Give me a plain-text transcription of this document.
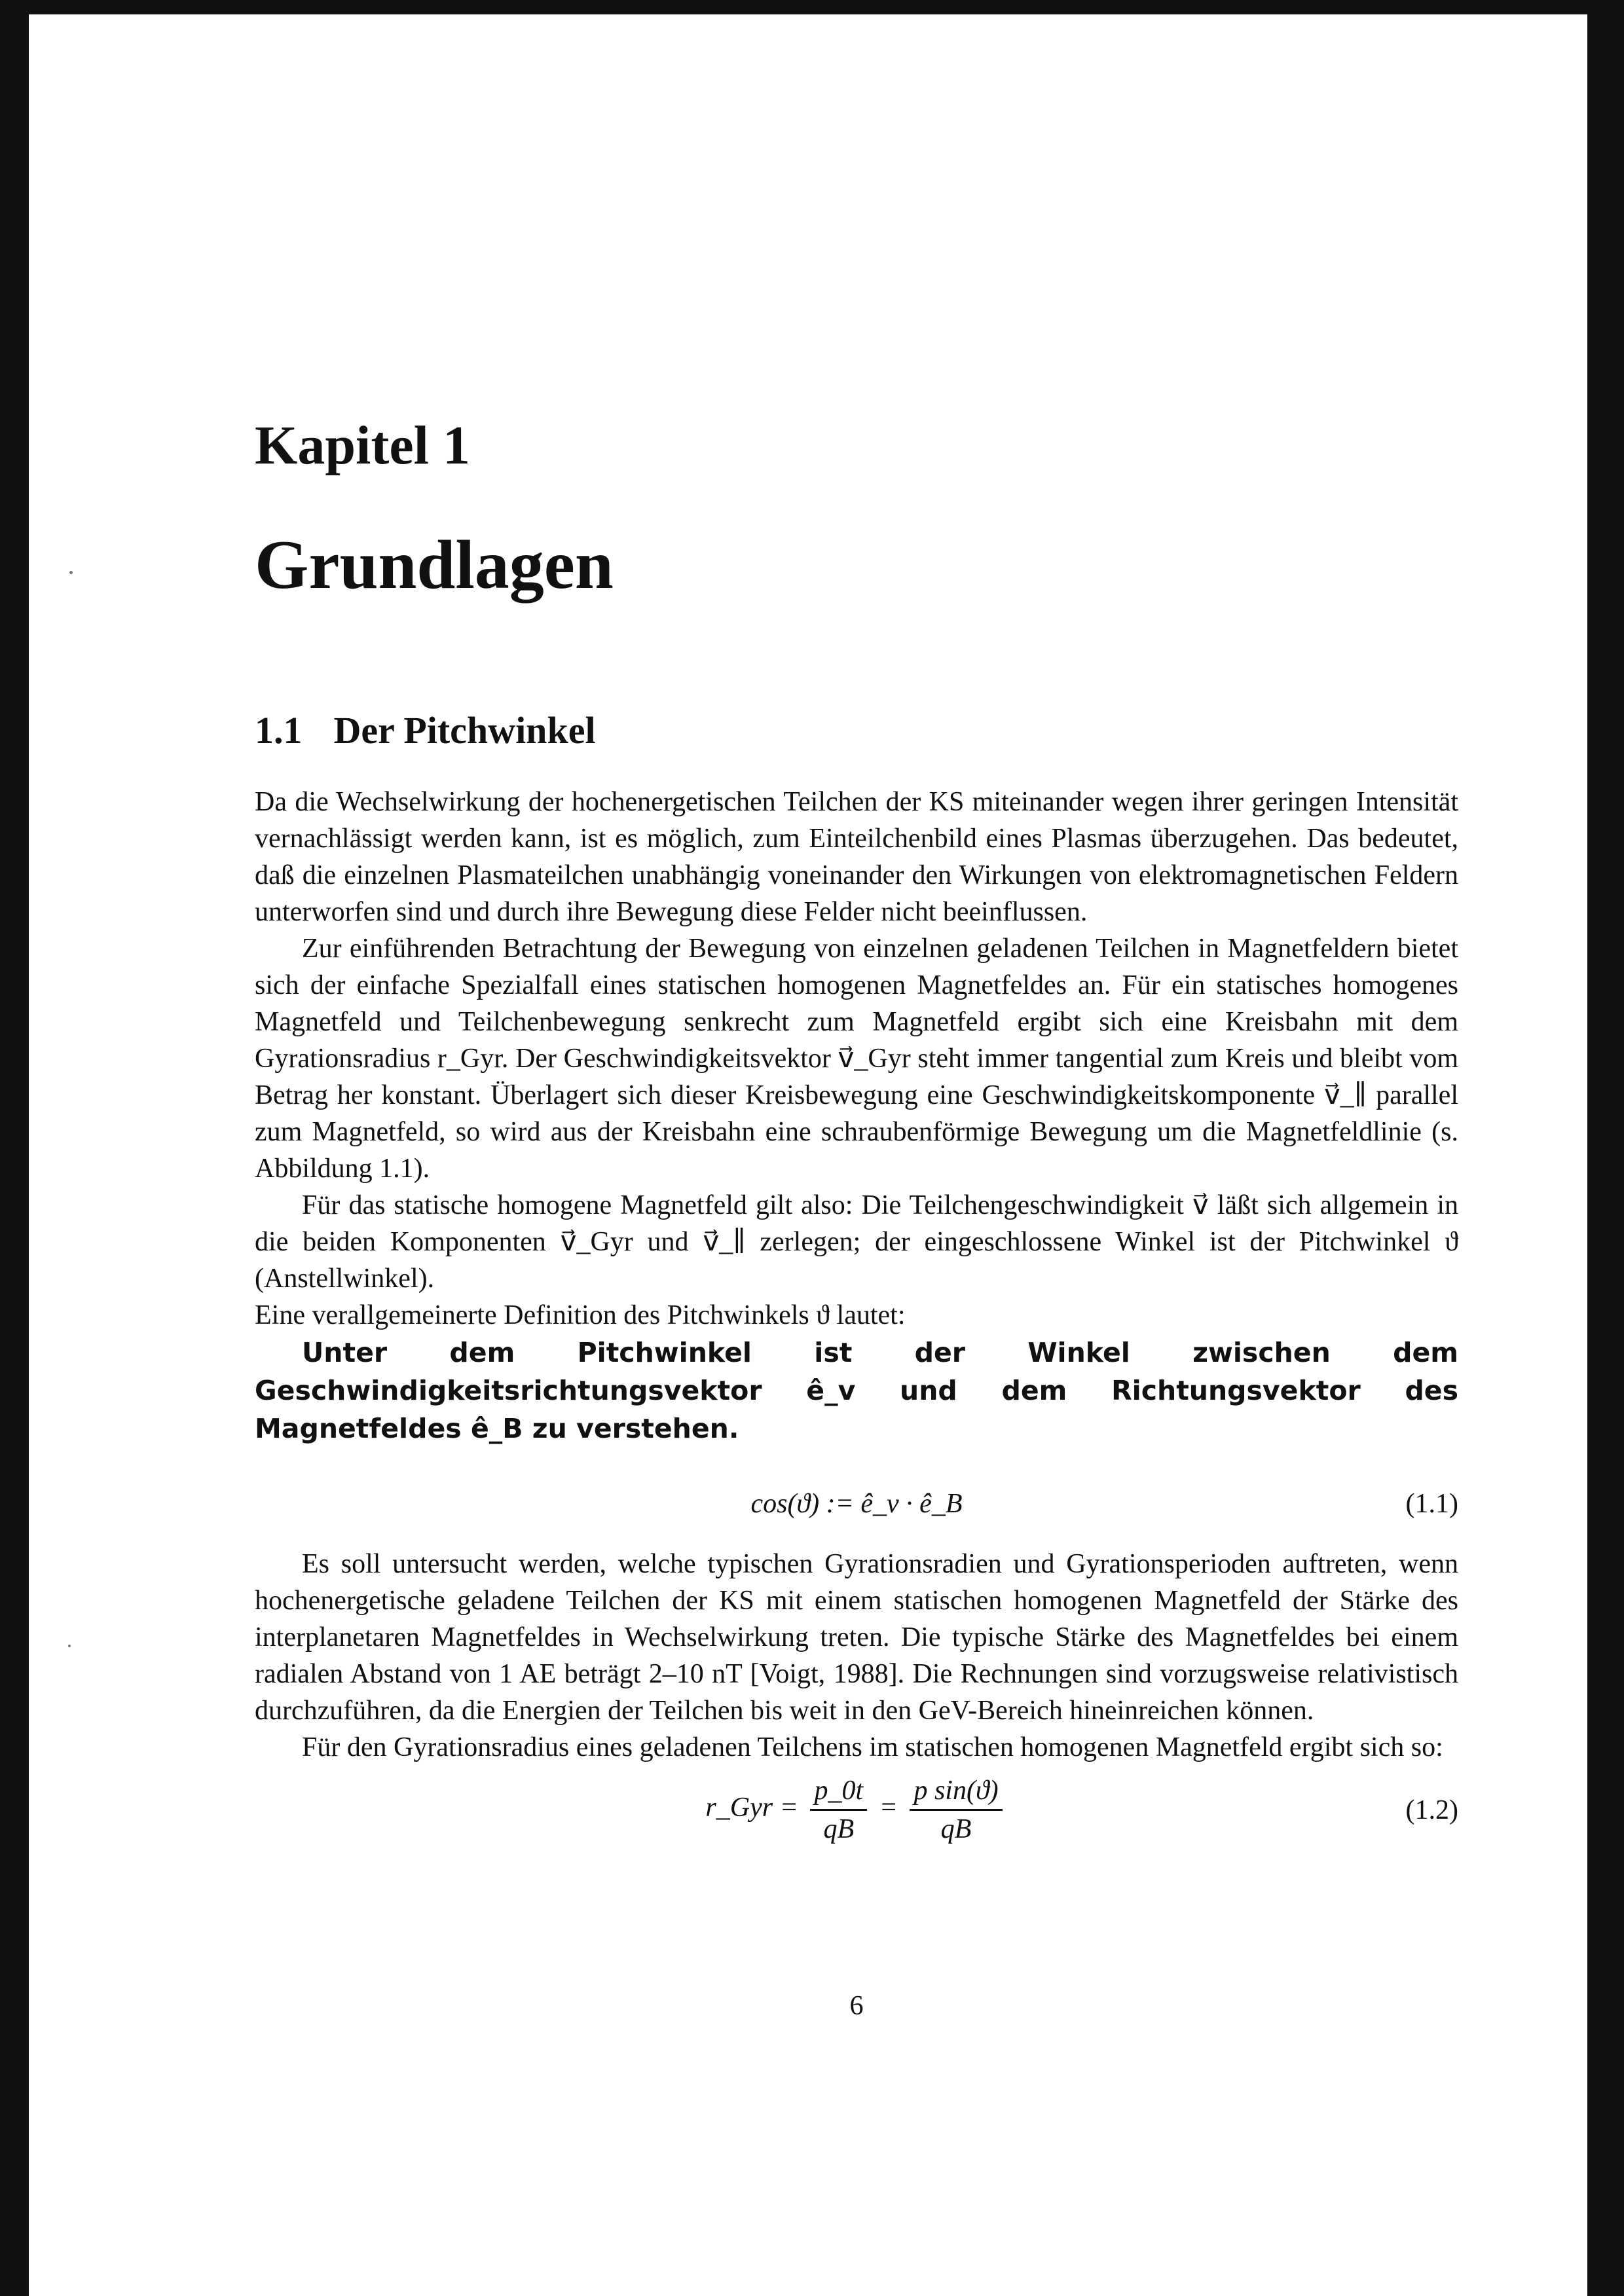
Kapitel 1
Grundlagen
1.1 Der Pitchwinkel

Da die Wechselwirkung der hochenergetischen Teilchen der KS miteinander wegen ihrer geringen Intensität vernachlässigt werden kann, ist es möglich, zum Einteilchenbild eines Plasmas überzugehen. Das bedeutet, daß die einzelnen Plasmateilchen unabhängig voneinander den Wirkungen von elektromagnetischen Feldern unterworfen sind und durch ihre Bewegung diese Felder nicht beeinflussen.

Zur einführenden Betrachtung der Bewegung von einzelnen geladenen Teilchen in Magnetfeldern bietet sich der einfache Spezialfall eines statischen homogenen Magnetfeldes an. Für ein statisches homogenes Magnetfeld und Teilchenbewegung senkrecht zum Magnetfeld ergibt sich eine Kreisbahn mit dem Gyrationsradius r_Gyr. Der Geschwindigkeitsvektor v⃗_Gyr steht immer tangential zum Kreis und bleibt vom Betrag her konstant. Überlagert sich dieser Kreisbewegung eine Geschwindigkeitskomponente v⃗_∥ parallel zum Magnetfeld, so wird aus der Kreisbahn eine schraubenförmige Bewegung um die Magnetfeldlinie (s. Abbildung 1.1).

Für das statische homogene Magnetfeld gilt also: Die Teilchengeschwindigkeit v⃗ läßt sich allgemein in die beiden Komponenten v⃗_Gyr und v⃗_∥ zerlegen; der eingeschlossene Winkel ist der Pitchwinkel ϑ (Anstellwinkel).

Eine verallgemeinerte Definition des Pitchwinkels ϑ lautet:

Unter dem Pitchwinkel ist der Winkel zwischen dem Geschwindigkeitsrichtungsvektor ê_v und dem Richtungsvektor des Magnetfeldes ê_B zu verstehen.

cos(ϑ) := ê_v · ê_B	(1.1)

Es soll untersucht werden, welche typischen Gyrationsradien und Gyrationsperioden auftreten, wenn hochenergetische geladene Teilchen der KS mit einem statischen homogenen Magnetfeld der Stärke des interplanetaren Magnetfeldes in Wechselwirkung treten. Die typische Stärke des Magnetfeldes bei einem radialen Abstand von 1 AE beträgt 2–10 nT [Voigt, 1988]. Die Rechnungen sind vorzugsweise relativistisch durchzuführen, da die Energien der Teilchen bis weit in den GeV-Bereich hineinreichen können.

Für den Gyrationsradius eines geladenen Teilchens im statischen homogenen Magnetfeld ergibt sich so:

r_Gyr = $\frac{p\_0t}{qB} = \frac{\text{p sin(ϑ)}}{qB}$	(1.2)
6
